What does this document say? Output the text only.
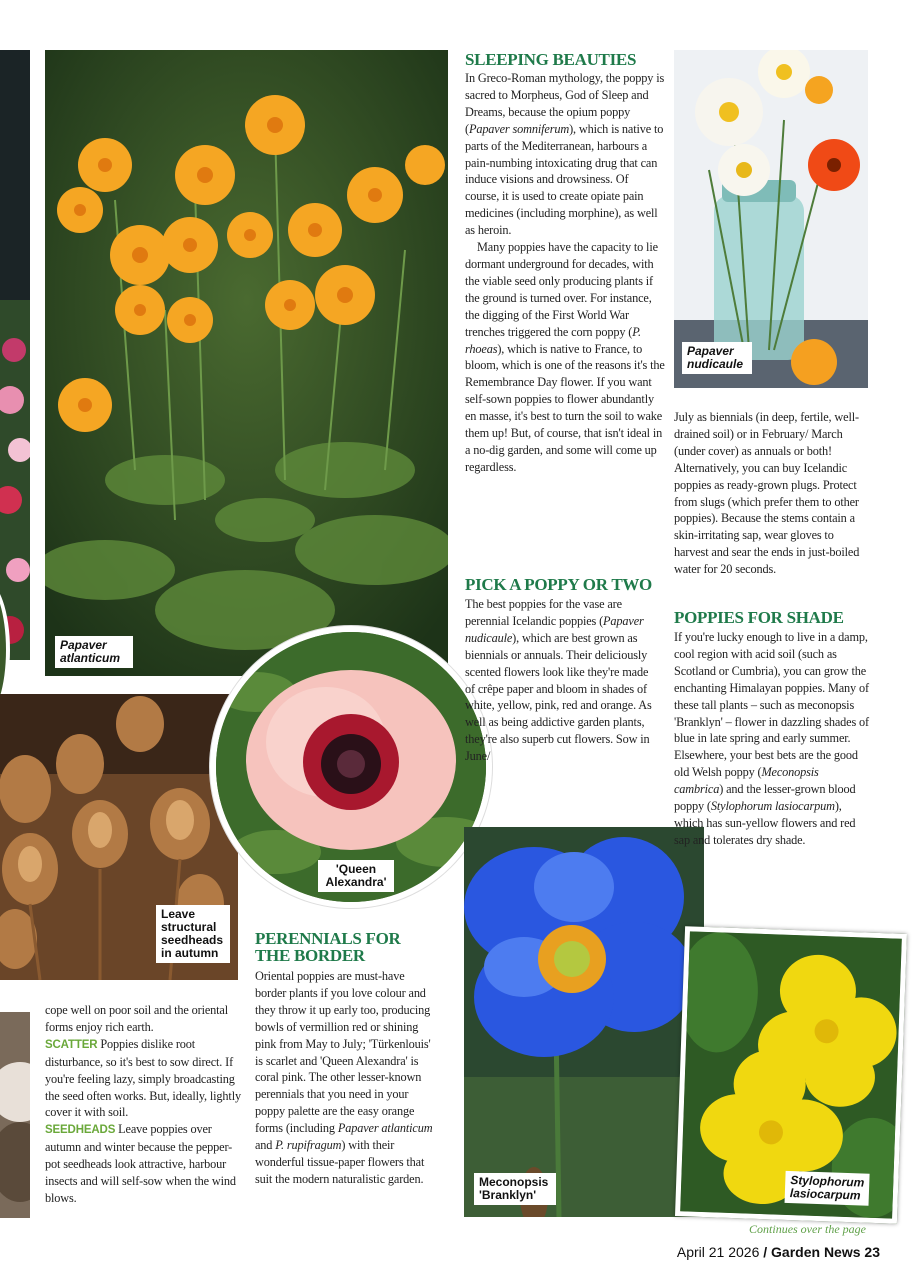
Papaver atlanticum
Papaver nudicaule
Leave structural seedheads in autumn
'Queen Alexandra'
Meconopsis 'Branklyn'
Stylophorum lasiocarpum
SLEEPING BEAUTIES

In Greco-Roman mythology, the poppy is sacred to Morpheus, God of Sleep and Dreams, because the opium poppy (Papaver somniferum), which is native to parts of the Mediterranean, harbours a pain-numbing intoxicating drug that can induce visions and drowsiness. Of course, it is used to create opiate pain medicines (including morphine), as well as heroin.

Many poppies have the capacity to lie dormant underground for decades, with the viable seed only producing plants if the ground is turned over. For instance, the digging of the First World War trenches triggered the corn poppy (P. rhoeas), which is native to France, to bloom, which is one of the reasons it's the Remembrance Day flower. If you want self-sown poppies to flower abundantly en masse, it's best to turn the soil to wake them up! But, of course, that isn't ideal in a no-dig garden, and some will come up regardless.

PICK A POPPY OR TWO

The best poppies for the vase are perennial Icelandic poppies (Papaver nudicaule), which are best grown as biennials or annuals. Their deliciously scented flowers look like they're made of crêpe paper and bloom in shades of white, yellow, pink, red and orange. As well as being addictive garden plants, they're also superb cut flowers. Sow in June/

July as biennials (in deep, fertile, well-drained soil) or in February/ March (under cover) as annuals or both! Alternatively, you can buy Icelandic poppies as ready-grown plugs. Protect from slugs (which prefer them to other poppies). Because the stems contain a skin-irritating sap, wear gloves to harvest and sear the ends in just-boiled water for 20 seconds.

POPPIES FOR SHADE

If you're lucky enough to live in a damp, cool region with acid soil (such as Scotland or Cumbria), you can grow the enchanting Himalayan poppies. Many of these tall plants – such as meconopsis 'Branklyn' – flower in dazzling shades of blue in late spring and early summer. Elsewhere, your best bets are the good old Welsh poppy (Meconopsis cambrica) and the lesser-grown blood poppy (Stylophorum lasiocarpum), which has sun-yellow flowers and red sap and tolerates dry shade.

PERENNIALS FOR THE BORDER

Oriental poppies are must-have border plants if you love colour and they throw it up early too, producing bowls of vermillion red or shining pink from May to July; 'Türkenlouis' is scarlet and 'Queen Alexandra' is coral pink. The other lesser-known perennials that you need in your poppy palette are the easy orange forms (including Papaver atlanticum and P. rupifragum) with their wonderful tissue-paper flowers that suit the modern naturalistic garden.

cope well on poor soil and the oriental forms enjoy rich earth.

SCATTER Poppies dislike root disturbance, so it's best to sow direct. If you're feeling lazy, simply broadcasting the seed often works. But, ideally, lightly cover it with soil.

SEEDHEADS Leave poppies over autumn and winter because the pepper-pot seedheads look attractive, harbour insects and will self-sow when the wind blows.

Continues over the page
April 21 2026 / Garden News 23
